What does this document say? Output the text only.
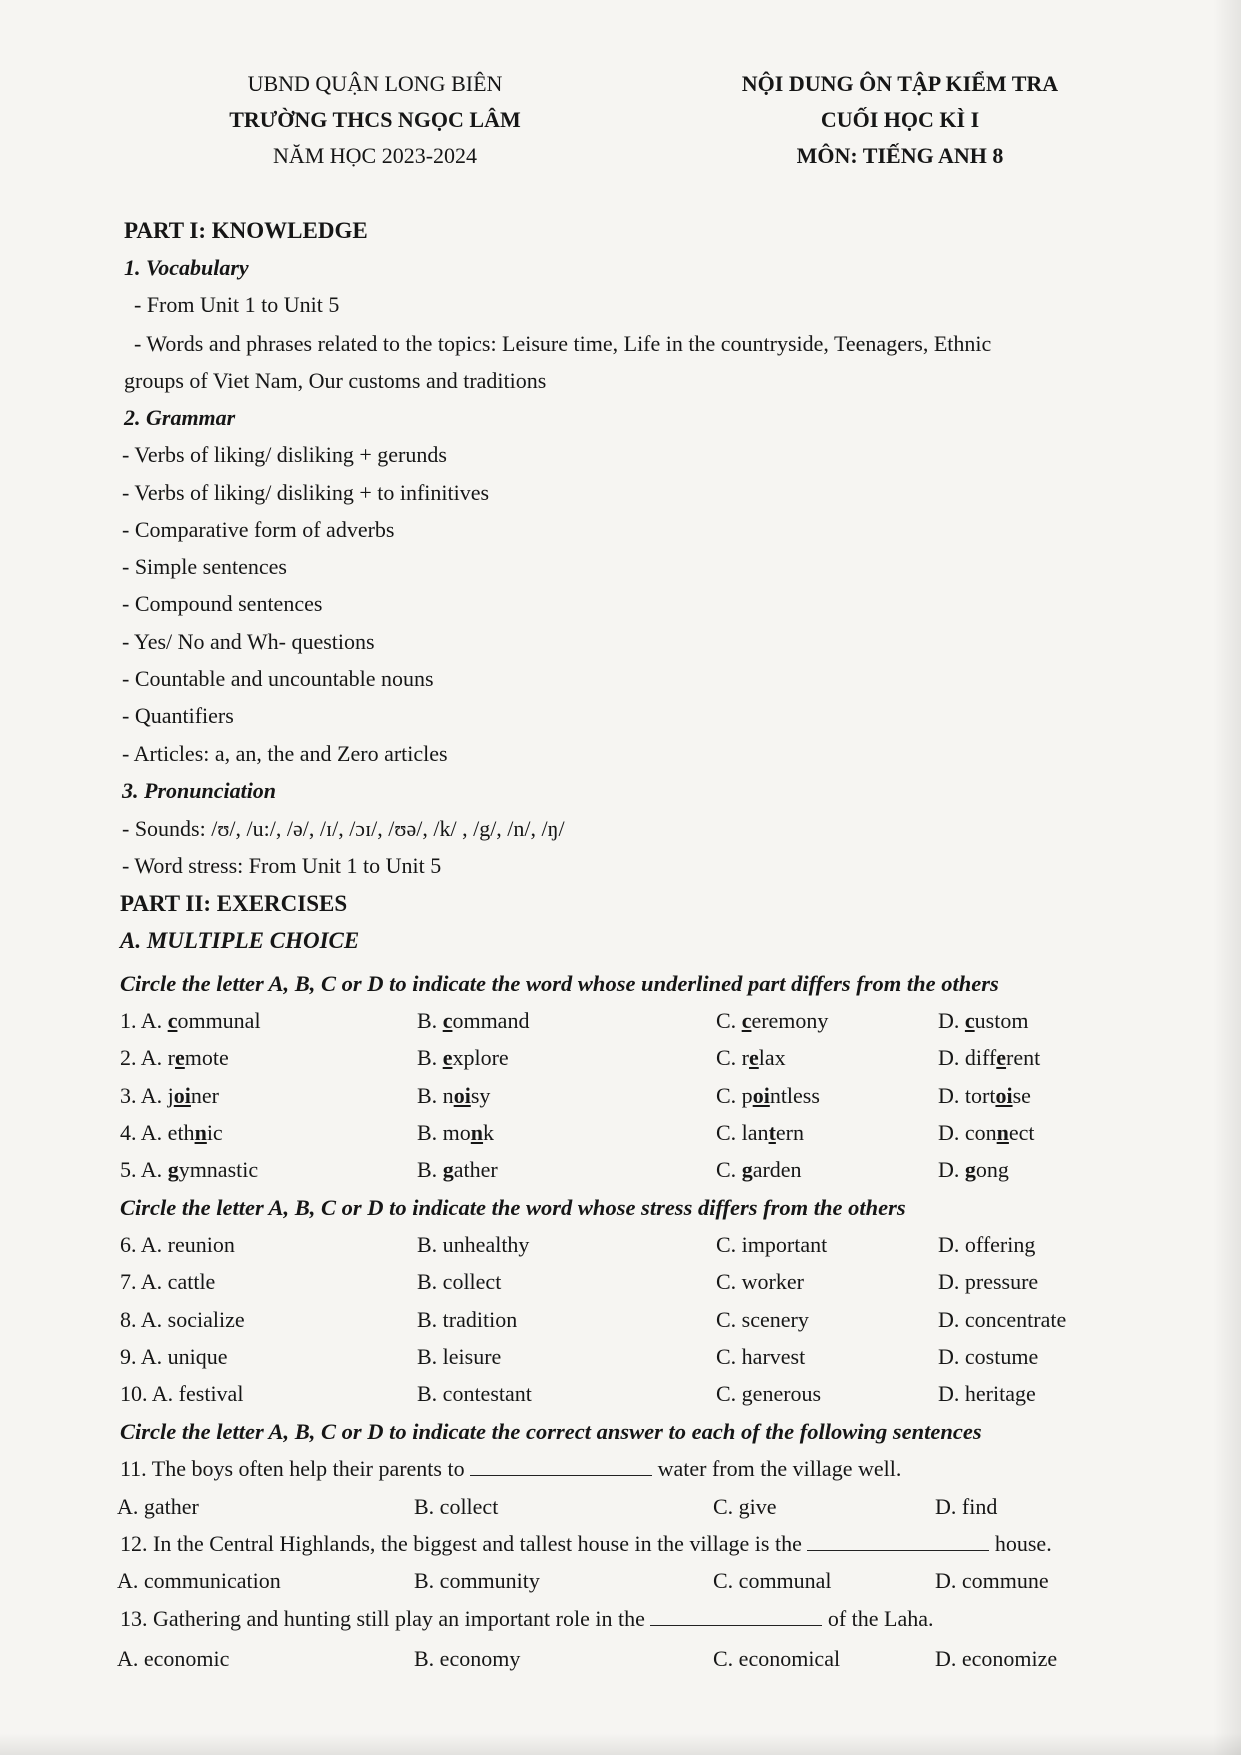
UBND QUẬN LONG BIÊN
TRƯỜNG THCS NGỌC LÂM
NĂM HỌC 2023-2024
NỘI DUNG ÔN TẬP KIỂM TRA
CUỐI HỌC KÌ I
MÔN: TIẾNG ANH 8
PART I: KNOWLEDGE
1. Vocabulary
- From Unit 1 to Unit 5
- Words and phrases related to the topics: Leisure time, Life in the countryside, Teenagers, Ethnic
groups of Viet Nam, Our customs and traditions
2. Grammar
- Verbs of liking/ disliking + gerunds
- Verbs of liking/ disliking + to infinitives
- Comparative form of adverbs
- Simple sentences
- Compound sentences
- Yes/ No and Wh- questions
- Countable and uncountable nouns
- Quantifiers
- Articles: a, an, the and Zero articles
3. Pronunciation
- Sounds: /ʊ/, /u:/, /ə/, /ɪ/, /ɔɪ/, /ʊə/, /k/ , /g/, /n/, /ŋ/
- Word stress: From Unit 1 to Unit 5
PART II: EXERCISES
A. MULTIPLE CHOICE
Circle the letter A, B, C or D to indicate the word whose underlined part differs from the others
1. A. communal	B. command	C. ceremony	D. custom
2. A. remote	B. explore	C. relax	D. different
3. A. joiner	B. noisy	C. pointless	D. tortoise
4. A. ethnic	B. monk	C. lantern	D. connect
5. A. gymnastic	B. gather	C. garden	D. gong
Circle the letter A, B, C or D to indicate the word whose stress differs from the others
6. A. reunion	B. unhealthy	C. important	D. offering
7. A. cattle	B. collect	C. worker	D. pressure
8. A. socialize	B. tradition	C. scenery	D. concentrate
9. A. unique	B. leisure	C. harvest	D. costume
10. A. festival	B. contestant	C. generous	D. heritage
Circle the letter A, B, C or D to indicate the correct answer to each of the following sentences
11. The boys often help their parents to	water from the village well.
A. gather	B. collect	C. give	D. find
12. In the Central Highlands, the biggest and tallest house in the village is the	house.
A. communication	B. community	C. communal	D. commune
13. Gathering and hunting still play an important role in the	of the Laha.
A. economic	B. economy	C. economical	D. economize
